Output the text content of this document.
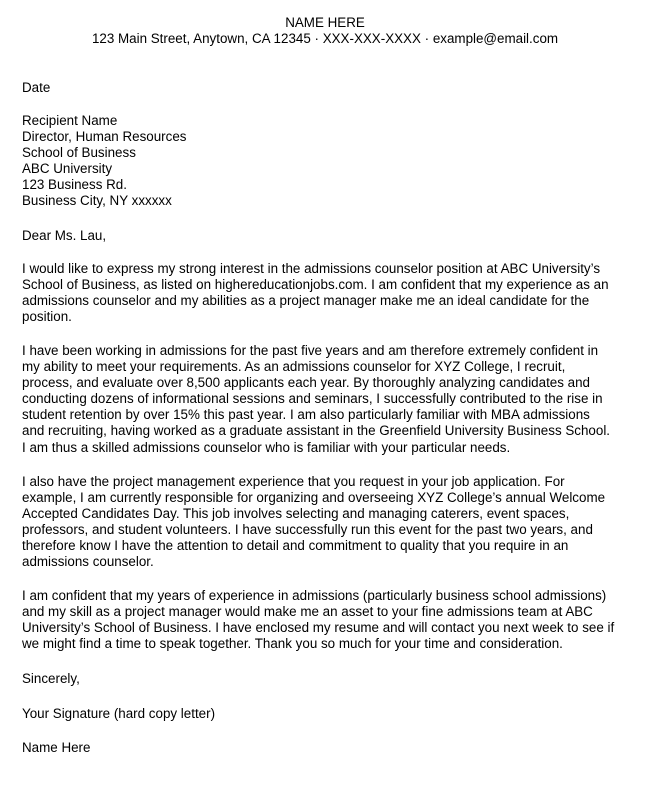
NAME HERE
123 Main Street, Anytown, CA 12345 · XXX-XXX-XXXX · example@email.com
Date
Recipient Name
Director, Human Resources
School of Business
ABC University
123 Business Rd.
Business City, NY xxxxxx
Dear Ms. Lau,
I would like to express my strong interest in the admissions counselor position at ABC University’s
School of Business, as listed on highereducationjobs.com. I am confident that my experience as an
admissions counselor and my abilities as a project manager make me an ideal candidate for the
position.
I have been working in admissions for the past five years and am therefore extremely confident in
my ability to meet your requirements. As an admissions counselor for XYZ College, I recruit,
process, and evaluate over 8,500 applicants each year. By thoroughly analyzing candidates and
conducting dozens of informational sessions and seminars, I successfully contributed to the rise in
student retention by over 15% this past year. I am also particularly familiar with MBA admissions
and recruiting, having worked as a graduate assistant in the Greenfield University Business School.
I am thus a skilled admissions counselor who is familiar with your particular needs.
I also have the project management experience that you request in your job application. For
example, I am currently responsible for organizing and overseeing XYZ College’s annual Welcome
Accepted Candidates Day. This job involves selecting and managing caterers, event spaces,
professors, and student volunteers. I have successfully run this event for the past two years, and
therefore know I have the attention to detail and commitment to quality that you require in an
admissions counselor.
I am confident that my years of experience in admissions (particularly business school admissions)
and my skill as a project manager would make me an asset to your fine admissions team at ABC
University’s School of Business. I have enclosed my resume and will contact you next week to see if
we might find a time to speak together. Thank you so much for your time and consideration.
Sincerely,
Your Signature (hard copy letter)
Name Here
